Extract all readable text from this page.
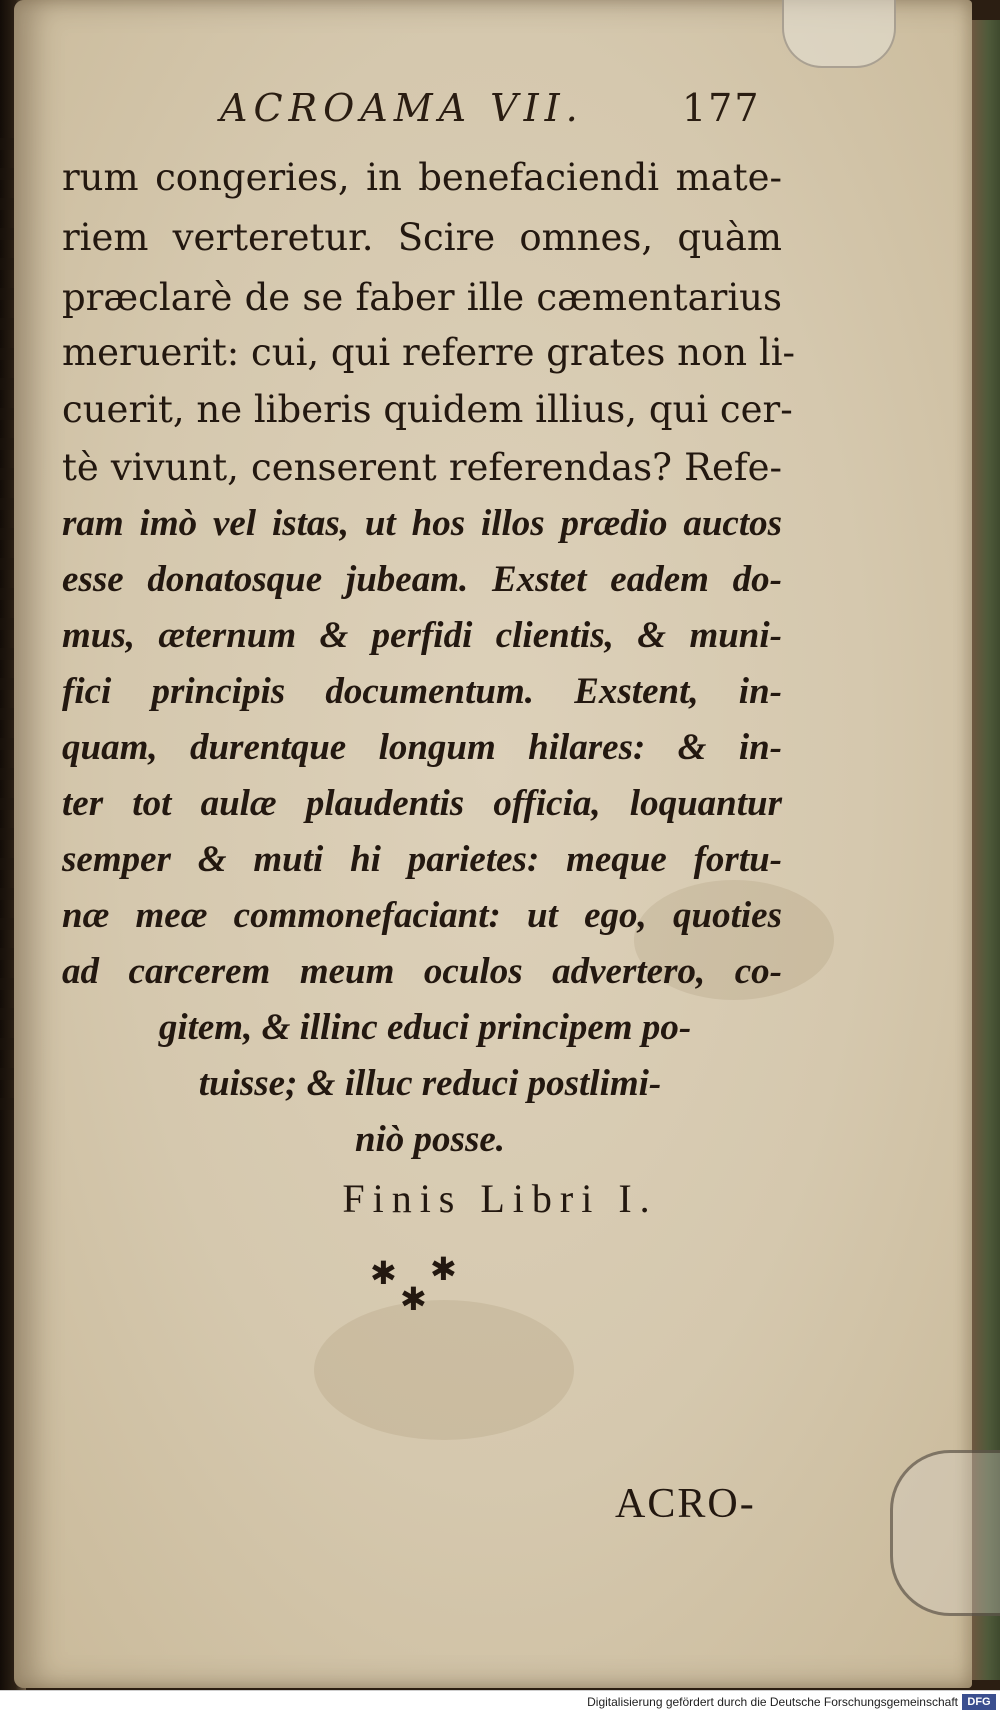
ACROAMA VII.	177
rum congeries, in benefaciendi mate-
riem verteretur. Scire omnes, quàm
præclarè de se faber ille cæmentarius
meruerit: cui, qui referre grates non li-
cuerit, ne liberis quidem illius, qui cer-
tè vivunt, censerent referendas? Refe-
ram imò vel istas, ut hos illos prædio auctos
esse donatosque jubeam. Exstet eadem do-
mus, æternum & perfidi clientis, & muni-
fici principis documentum. Exstent, in-
quam, durentque longum hilares: & in-
ter tot aulæ plaudentis officia, loquantur
semper & muti hi parietes: meque fortu-
næ meæ commonefaciant: ut ego, quoties
ad carcerem meum oculos advertero, co-
gitem, & illinc educi principem po-
tuisse; & illuc reduci postlimi-
niò posse.
Finis Libri I.
✱ ✱
✱
ACRO-
Digitalisierung gefördert durch die Deutsche Forschungsgemeinschaft DFG
